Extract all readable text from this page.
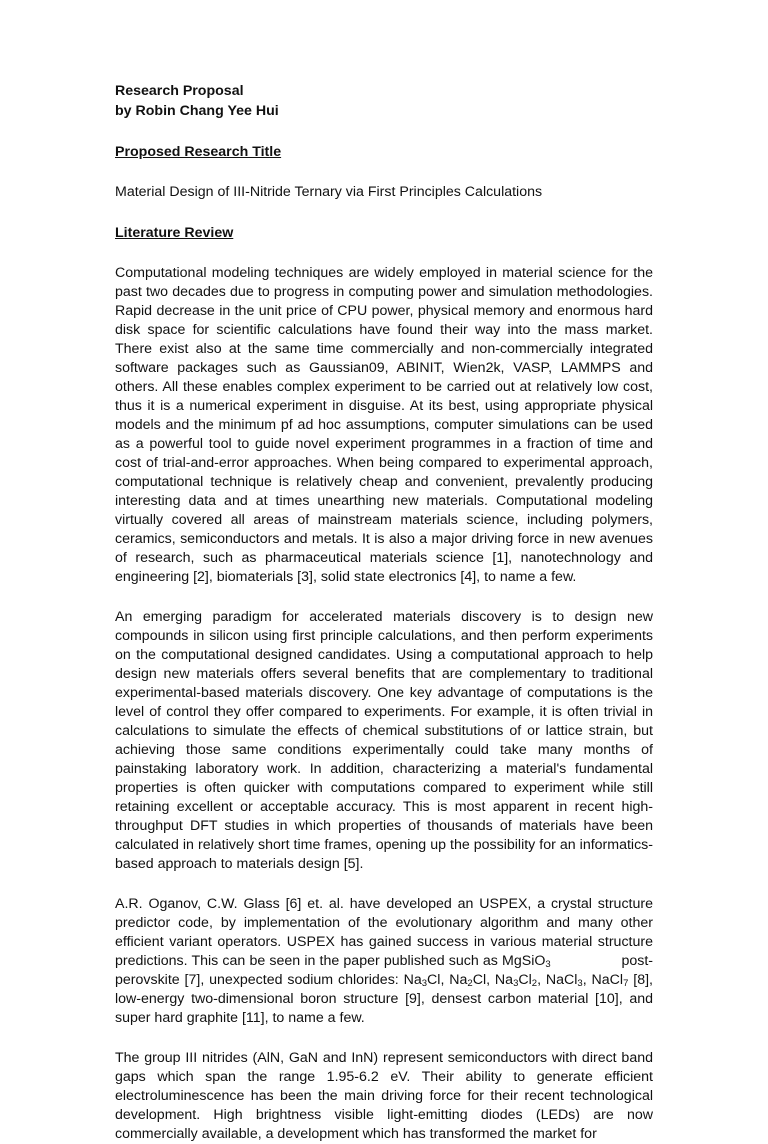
Research Proposal
by Robin Chang Yee Hui
Proposed Research Title

Material Design of III-Nitride Ternary via First Principles Calculations

Literature Review

Computational modeling techniques are widely employed in material science for the past two decades due to progress in computing power and simulation methodologies. Rapid decrease in the unit price of CPU power, physical memory and enormous hard disk space for scientific calculations have found their way into the mass market. There exist also at the same time commercially and non-commercially integrated software packages such as Gaussian09, ABINIT, Wien2k, VASP, LAMMPS and others. All these enables complex experiment to be carried out at relatively low cost, thus it is a numerical experiment in disguise. At its best, using appropriate physical models and the minimum pf ad hoc assumptions, computer simulations can be used as a powerful tool to guide novel experiment programmes in a fraction of time and cost of trial-and-error approaches. When being compared to experimental approach, computational technique is relatively cheap and convenient, prevalently producing interesting data and at times unearthing new materials. Computational modeling virtually covered all areas of mainstream materials science, including polymers, ceramics, semiconductors and metals. It is also a major driving force in new avenues of research, such as pharmaceutical materials science [1], nanotechnology and engineering [2], biomaterials [3], solid state electronics [4], to name a few.

An emerging paradigm for accelerated materials discovery is to design new compounds in silicon using first principle calculations, and then perform experiments on the computational designed candidates. Using a computational approach to help design new materials offers several benefits that are complementary to traditional experimental-based materials discovery. One key advantage of computations is the level of control they offer compared to experiments. For example, it is often trivial in calculations to simulate the effects of chemical substitutions of or lattice strain, but achieving those same conditions experimentally could take many months of painstaking laboratory work. In addition, characterizing a material's fundamental properties is often quicker with computations compared to experiment while still retaining excellent or acceptable accuracy. This is most apparent in recent high-throughput DFT studies in which properties of thousands of materials have been calculated in relatively short time frames, opening up the possibility for an informatics-based approach to materials design [5].

A.R. Oganov, C.W. Glass [6] et. al. have developed an USPEX, a crystal structure predictor code, by implementation of the evolutionary algorithm and many other efficient variant operators. USPEX has gained success in various material structure predictions. This can be seen in the paper published such as MgSiO$_3$                 post-perovskite [7], unexpected sodium chlorides: $Na_3Cl$, $Na_2Cl$, $Na_3Cl_2$, NaCl$_3$, NaCl$_7$ [8], low-energy two-dimensional boron structure [9], densest carbon material [10], and super hard graphite [11], to name a few.

The group III nitrides (AlN, GaN and InN) represent semiconductors with direct band gaps which span the range 1.95-6.2 eV. Their ability to generate efficient electroluminescence has been the main driving force for their recent technological development. High brightness visible light-emitting diodes (LEDs) are now commercially available, a development which has transformed the market for
